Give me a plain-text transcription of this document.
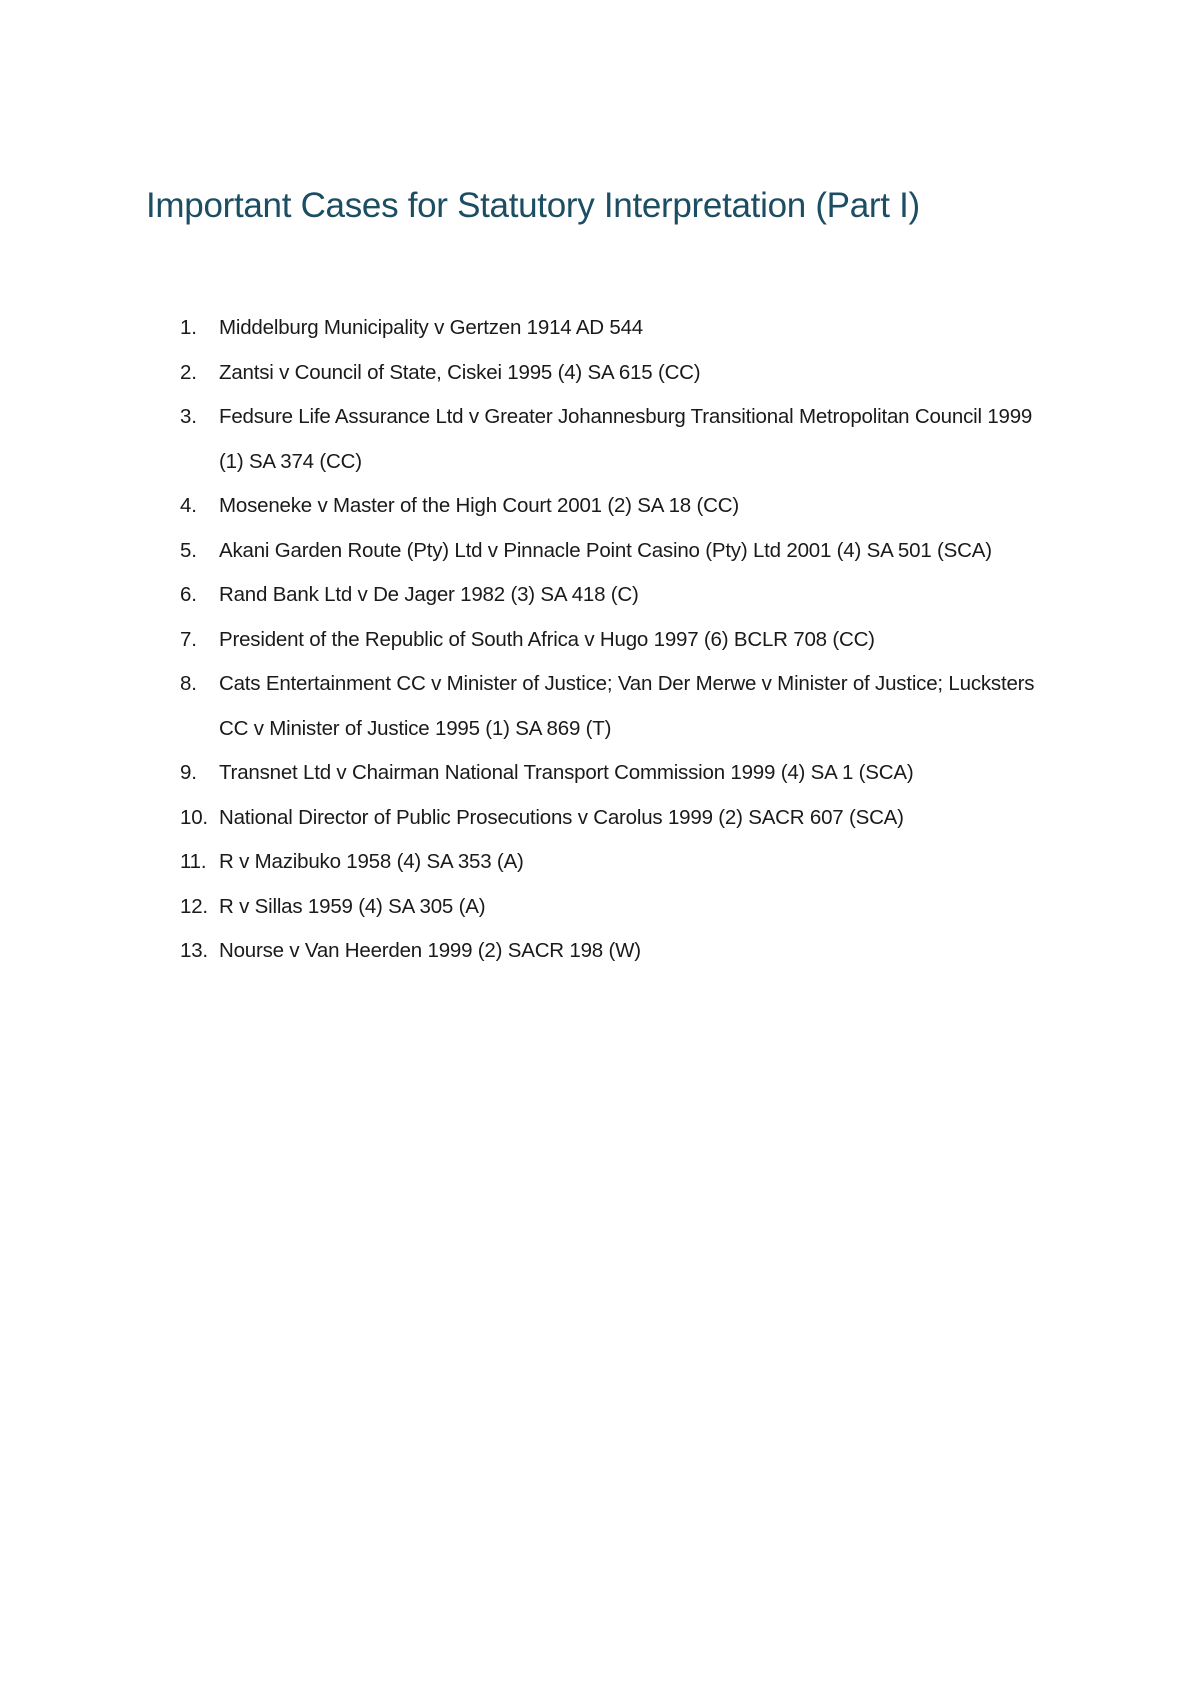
Important Cases for Statutory Interpretation (Part I)
1.	Middelburg Municipality v Gertzen 1914 AD 544
2.	Zantsi v Council of State, Ciskei 1995 (4) SA 615 (CC)
3.	Fedsure Life Assurance Ltd v Greater Johannesburg Transitional Metropolitan Council 1999 (1) SA 374 (CC)
4.	Moseneke v Master of the High Court 2001 (2) SA 18 (CC)
5.	Akani Garden Route (Pty) Ltd v Pinnacle Point Casino (Pty) Ltd 2001 (4) SA 501 (SCA)
6.	Rand Bank Ltd v De Jager 1982 (3) SA 418 (C)
7.	President of the Republic of South Africa v Hugo 1997 (6) BCLR 708 (CC)
8.	Cats Entertainment CC v Minister of Justice; Van Der Merwe v Minister of Justice; Lucksters CC v Minister of Justice 1995 (1) SA 869 (T)
9.	Transnet Ltd v Chairman National Transport Commission 1999 (4) SA 1 (SCA)
10. National Director of Public Prosecutions v Carolus 1999 (2) SACR 607 (SCA)
11. R v Mazibuko 1958 (4) SA 353 (A)
12. R v Sillas 1959 (4) SA 305 (A)
13. Nourse v Van Heerden 1999 (2) SACR 198 (W)
